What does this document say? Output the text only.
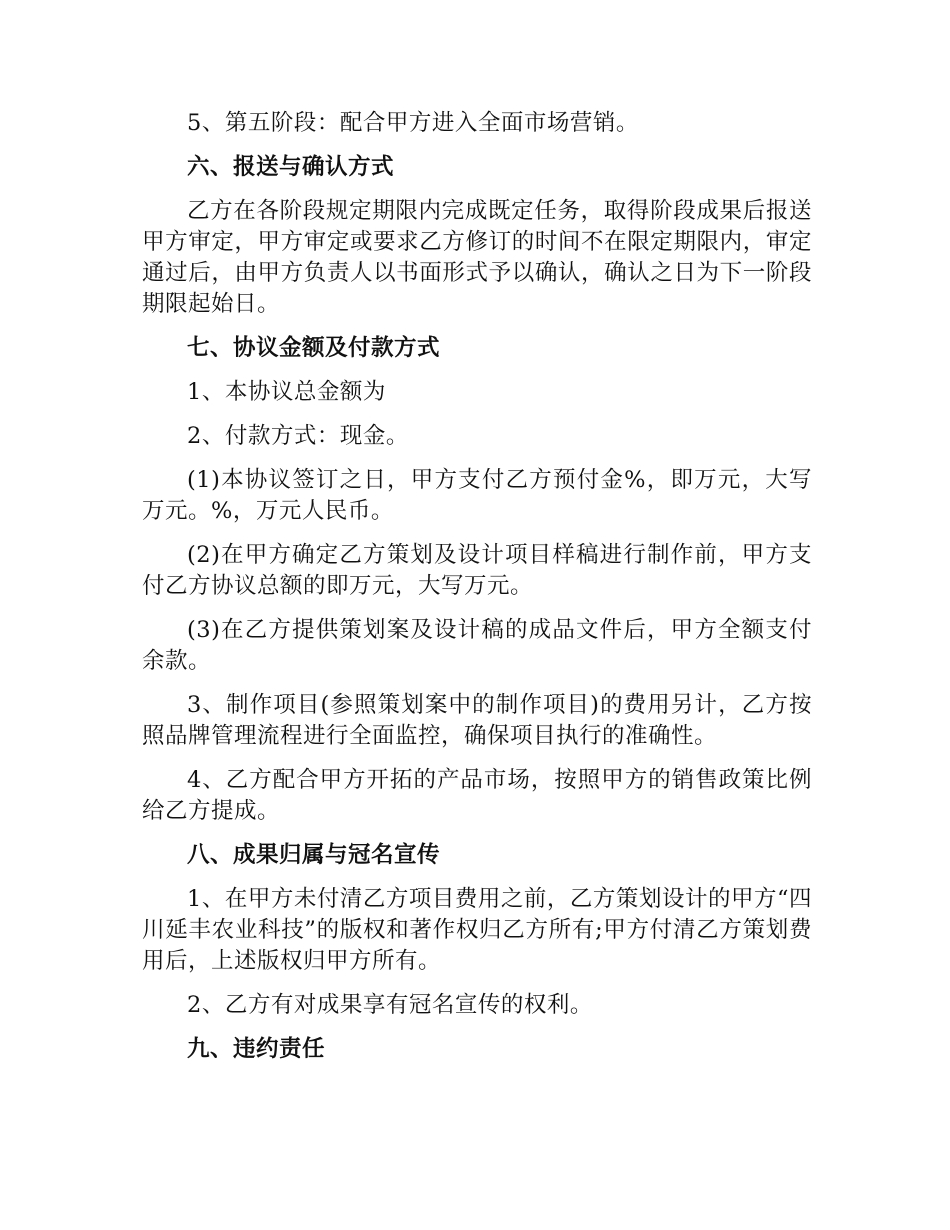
5、第五阶段：配合甲方进入全面市场营销。

六、报送与确认方式

乙方在各阶段规定期限内完成既定任务，取得阶段成果后报送甲方审定，甲方审定或要求乙方修订的时间不在限定期限内，审定通过后，由甲方负责人以书面形式予以确认，确认之日为下一阶段期限起始日。

七、协议金额及付款方式

1、本协议总金额为

2、付款方式：现金。

(1)本协议签订之日，甲方支付乙方预付金%，即万元，大写万元。%，万元人民币。

(2)在甲方确定乙方策划及设计项目样稿进行制作前，甲方支付乙方协议总额的即万元，大写万元。

(3)在乙方提供策划案及设计稿的成品文件后，甲方全额支付余款。

3、制作项目(参照策划案中的制作项目)的费用另计，乙方按照品牌管理流程进行全面监控，确保项目执行的准确性。

4、乙方配合甲方开拓的产品市场，按照甲方的销售政策比例给乙方提成。

八、成果归属与冠名宣传

1、在甲方未付清乙方项目费用之前，乙方策划设计的甲方“四川延丰农业科技”的版权和著作权归乙方所有;甲方付清乙方策划费用后，上述版权归甲方所有。

2、乙方有对成果享有冠名宣传的权利。

九、违约责任
